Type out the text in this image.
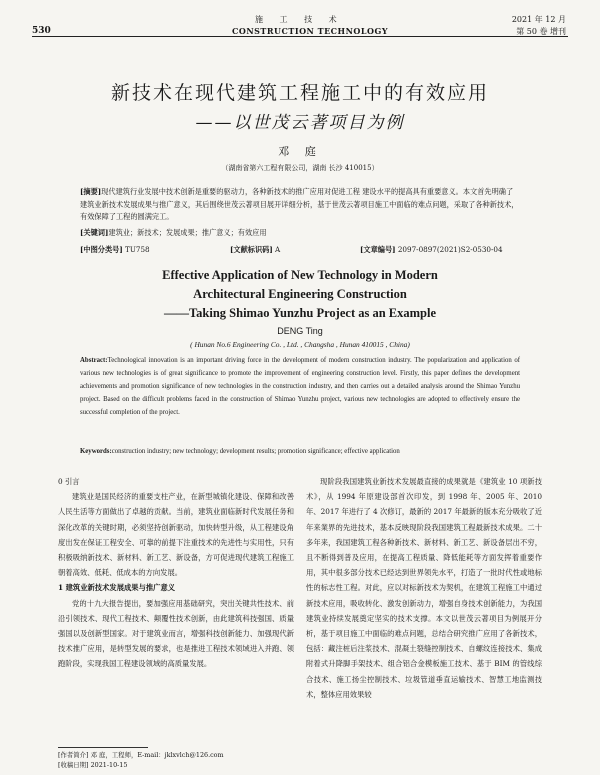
530
施 工 技 术
CONSTRUCTION TECHNOLOGY
2021 年 12 月
第 50 卷 增刊
新技术在现代建筑工程施工中的有效应用
——以世茂云著项目为例
邓 庭
（湖南省第六工程有限公司，湖南 长沙 410015）
[摘要]现代建筑行业发展中技术创新是重要的驱动力，各种新技术的推广应用对促进工程 建设水平的提高具有重要意义。本文首先明确了建筑业新技术发展成果与推广意义，其后围绕世茂云著项目展开详细分析，基于世茂云著项目施工中面临的难点问题，采取了各种新技术，有效保障了工程的圆满完工。
[关键词]建筑业；新技术；发展成果；推广意义；有效应用
[中图分类号] TU758	[文献标识码] A	[文章编号] 2097-0897(2021)S2-0530-04
Effective Application of New Technology in Modern
Architectural Engineering Construction
——Taking Shimao Yunzhu Project as an Example
DENG Ting
( Hunan No.6 Engineering Co. , Ltd. , Changsha , Hunan 410015 , China)
Abstract:Technological innovation is an important driving force in the development of modern construction industry. The popularization and application of various new technologies is of great significance to promote the improvement of engineering construction level. Firstly, this paper defines the development achievements and promotion significance of new technologies in the construction industry, and then carries out a detailed analysis around the Shimao Yunzhu project. Based on the difficult problems faced in the construction of Shimao Yunzhu project, various new technologies are adopted to effectively ensure the successful completion of the project.
Keywords:construction industry; new technology; development results; promotion significance; effective application
0 引言

建筑业是国民经济的重要支柱产业，在新型城镇化建设、保障和改善人民生活等方面做出了卓越的贡献。当前，建筑业面临新时代发展任务和深化改革的关键时期，必须坚持创新驱动，加快转型升级，从工程建设角度出发在保证工程安全、可靠的前提下注重技术的先进性与实用性，只有积极吸纳新技术、新材料、新工艺、新设备，方可促进现代建筑工程施工朝着高效、低耗、低成本的方向发展。

1 建筑业新技术发展成果与推广意义

党的十九大报告提出，要加强应用基础研究，突出关键共性技术、前沿引领技术、现代工程技术、颠覆性技术创新，由此建筑科技强国、质量强国以及创新型国家。对于建筑业而言，增强科技创新能力、加强现代新技术推广应用，是转型发展的要求，也是推进工程技术领域进入并跑、领跑阶段，实现我国工程建设领域的高质量发展。

现阶段我国建筑业新技术发展最直接的成果就是《建筑业 10 项新技术》，从 1994 年原建设部首次印发，到 1998 年、2005 年、2010 年、2017 年进行了 4 次修订，最新的 2017 年最新的版本充分吸收了近年来業界的先进技术，基本反映现阶段我国建筑工程最新技术成果。二十多年来，我国建筑工程各种新技术、新材料、新工艺、新设备层出不穷，且不断得到普及应用，在提高工程质量、降低能耗等方面发挥着重要作用，其中很多部分技术已经达到世界领先水平，打造了一批时代性或地标性的标志性工程。对此，应以对标新技术为契机，在建筑工程施工中通过新技术应用，吸收转化、激发创新动力，增强自身技术创新能力，为我国建筑业持续发展奠定坚实的技术支撑。本文以世茂云著项目为例展开分析，基于项目施工中面临的难点问题，总结合研究推广应用了各新技术，包括：藏注桩后注浆技术、混凝土裂缝控制技术、自螺纹连接技术、集成附着式升降脚手架技术、组合铝合金模板施工技术、基于 BIM 的管线综合技术、施工扬尘控制技术、垃圾管道垂直运输技术、智慧工地监测技术，整体应用效果较

[作者简介] 邓 庭，工程师，E-mail：jklxvlch@126.com
[收稿日期] 2021-10-15
